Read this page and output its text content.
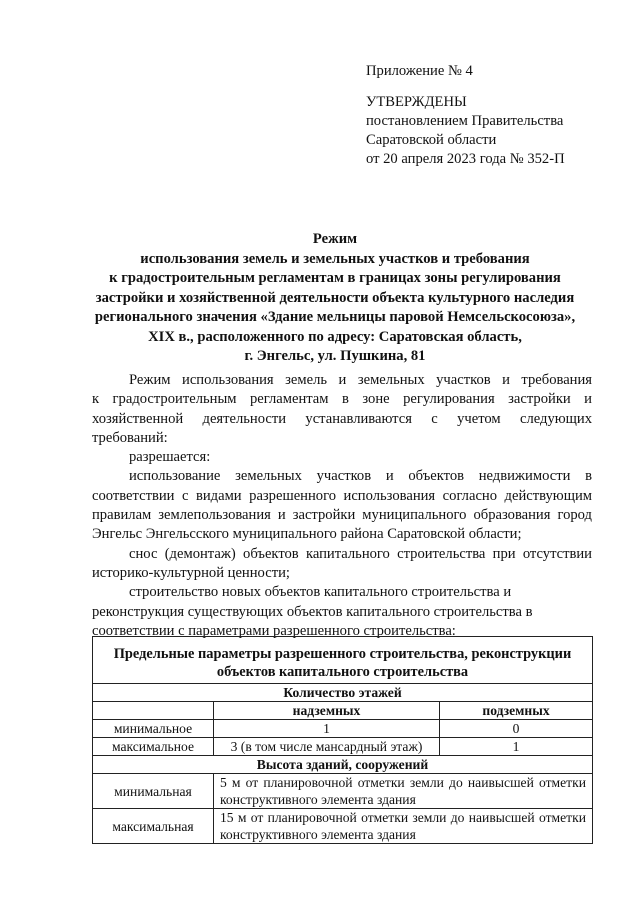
Приложение № 4
УТВЕРЖДЕНЫ
постановлением Правительства
Саратовской области
от 20 апреля 2023 года № 352-П
Режим
использования земель и земельных участков и требования
к градостроительным регламентам в границах зоны регулирования
застройки и хозяйственной деятельности объекта культурного наследия
регионального значения «Здание мельницы паровой Немсельскосоюза»,
XIX в., расположенного по адресу: Саратовская область,
г. Энгельс, ул. Пушкина, 81

Режим использования земель и земельных участков и требования

к градостроительным регламентам в зоне регулирования застройки и хозяйственной деятельности устанавливаются с учетом следующих требований:

разрешается:

использование земельных участков и объектов недвижимости в соответствии с видами разрешенного использования согласно действующим правилам землепользования и застройки муниципального образования город Энгельс Энгельсского муниципального района Саратовской области;

снос (демонтаж) объектов капитального строительства при отсутствии историко-культурной ценности;

строительство новых объектов капитального строительства и реконструкция существующих объектов капитального строительства в соответствии с параметрами разрешенного строительства:

Предельные параметры разрешенного строительства, реконструкции объектов капитального строительства		
Количество этажей		
	надземных	подземных
минимальное	1	0
максимальное	3 (в том числе мансардный этаж)	1
Высота зданий, сооружений		
минимальная	5 м от планировочной отметки земли до наивысшей отметки конструктивного элемента здания	
максимальная	15 м от планировочной отметки земли до наивысшей отметки конструктивного элемента здания	
